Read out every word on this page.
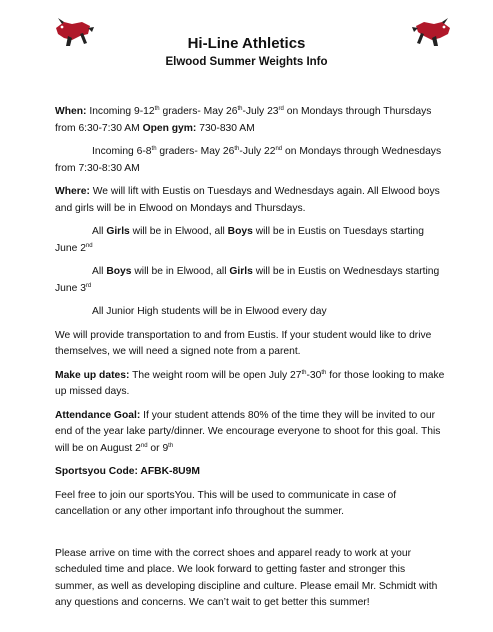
Hi-Line Athletics
Elwood Summer Weights Info

When: Incoming 9-12th graders- May 26th-July 23rd on Mondays through Thursdays from 6:30-7:30 AM Open gym: 730-830 AM

Incoming 6-8th graders- May 26th-July 22nd on Mondays through Wednesdays from 7:30-8:30 AM

Where: We will lift with Eustis on Tuesdays and Wednesdays again. All Elwood boys and girls will be in Elwood on Mondays and Thursdays.

All Girls will be in Elwood, all Boys will be in Eustis on Tuesdays starting June 2nd

All Boys will be in Elwood, all Girls will be in Eustis on Wednesdays starting June 3rd

All Junior High students will be in Elwood every day

We will provide transportation to and from Eustis. If your student would like to drive themselves, we will need a signed note from a parent.

Make up dates: The weight room will be open July 27th-30th for those looking to make up missed days.

Attendance Goal: If your student attends 80% of the time they will be invited to our end of the year lake party/dinner. We encourage everyone to shoot for this goal. This will be on August 2nd or 9th

Sportsyou Code: AFBK-8U9M

Feel free to join our sportsYou. This will be used to communicate in case of cancellation or any other important info throughout the summer.

Please arrive on time with the correct shoes and apparel ready to work at your scheduled time and place. We look forward to getting faster and stronger this summer, as well as developing discipline and culture. Please email Mr. Schmidt with any questions and concerns. We can’t wait to get better this summer!
